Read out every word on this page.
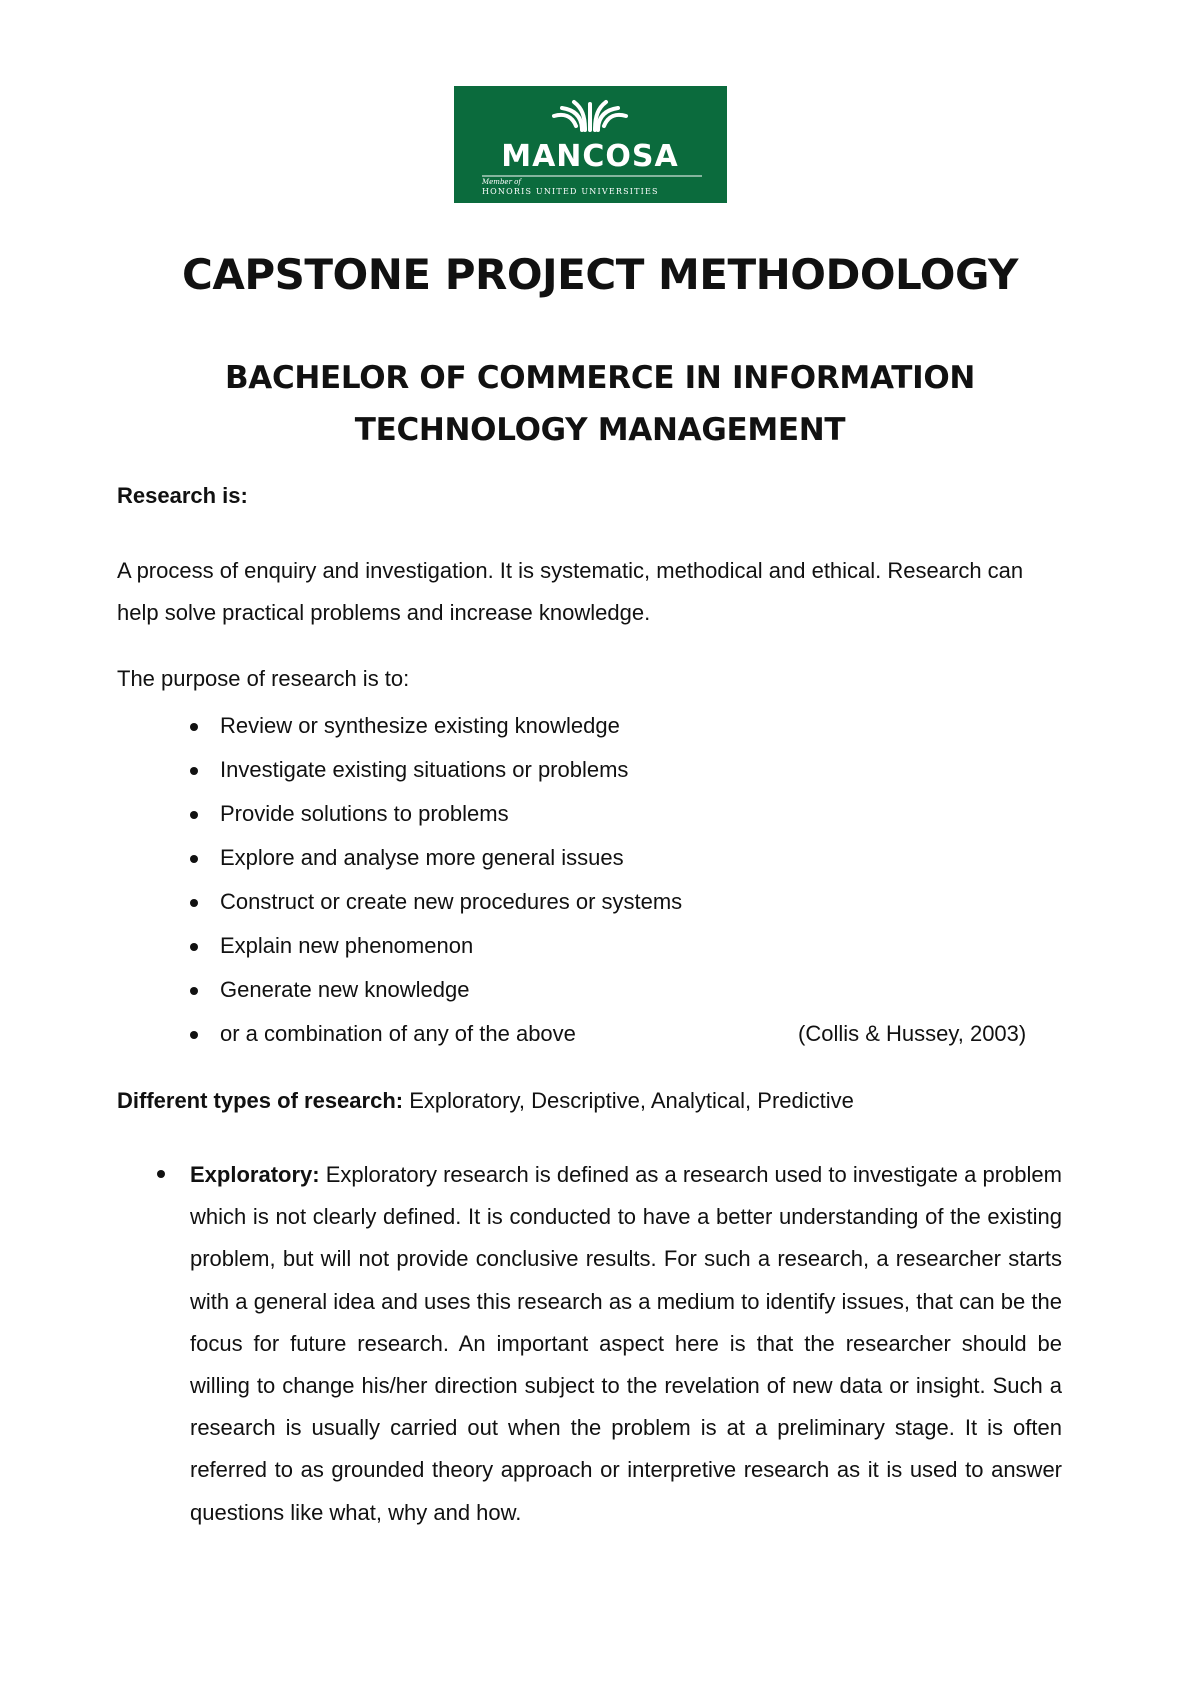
MANCOSA
Member of
HONORIS UNITED UNIVERSITIES
CAPSTONE PROJECT METHODOLOGY
BACHELOR OF COMMERCE IN INFORMATION
TECHNOLOGY MANAGEMENT
Research is:

A process of enquiry and investigation. It is systematic, methodical and ethical. Research can help solve practical problems and increase knowledge.

The purpose of research is to:
Review or synthesize existing knowledge
Investigate existing situations or problems
Provide solutions to problems
Explore and analyse more general issues
Construct or create new procedures or systems
Explain new phenomenon
Generate new knowledge
or a combination of any of the above	(Collis & Hussey, 2003)
Different types of research: Exploratory, Descriptive, Analytical, Predictive

Exploratory: Exploratory research is defined as a research used to investigate a problem which is not clearly defined. It is conducted to have a better understanding of the existing problem, but will not provide conclusive results. For such a research, a researcher starts with a general idea and uses this research as a medium to identify issues, that can be the focus for future research. An important aspect here is that the researcher should be willing to change his/her direction subject to the revelation of new data or insight. Such a research is usually carried out when the problem is at a preliminary stage. It is often referred to as grounded theory approach or interpretive research as it is used to answer questions like what, why and how.
